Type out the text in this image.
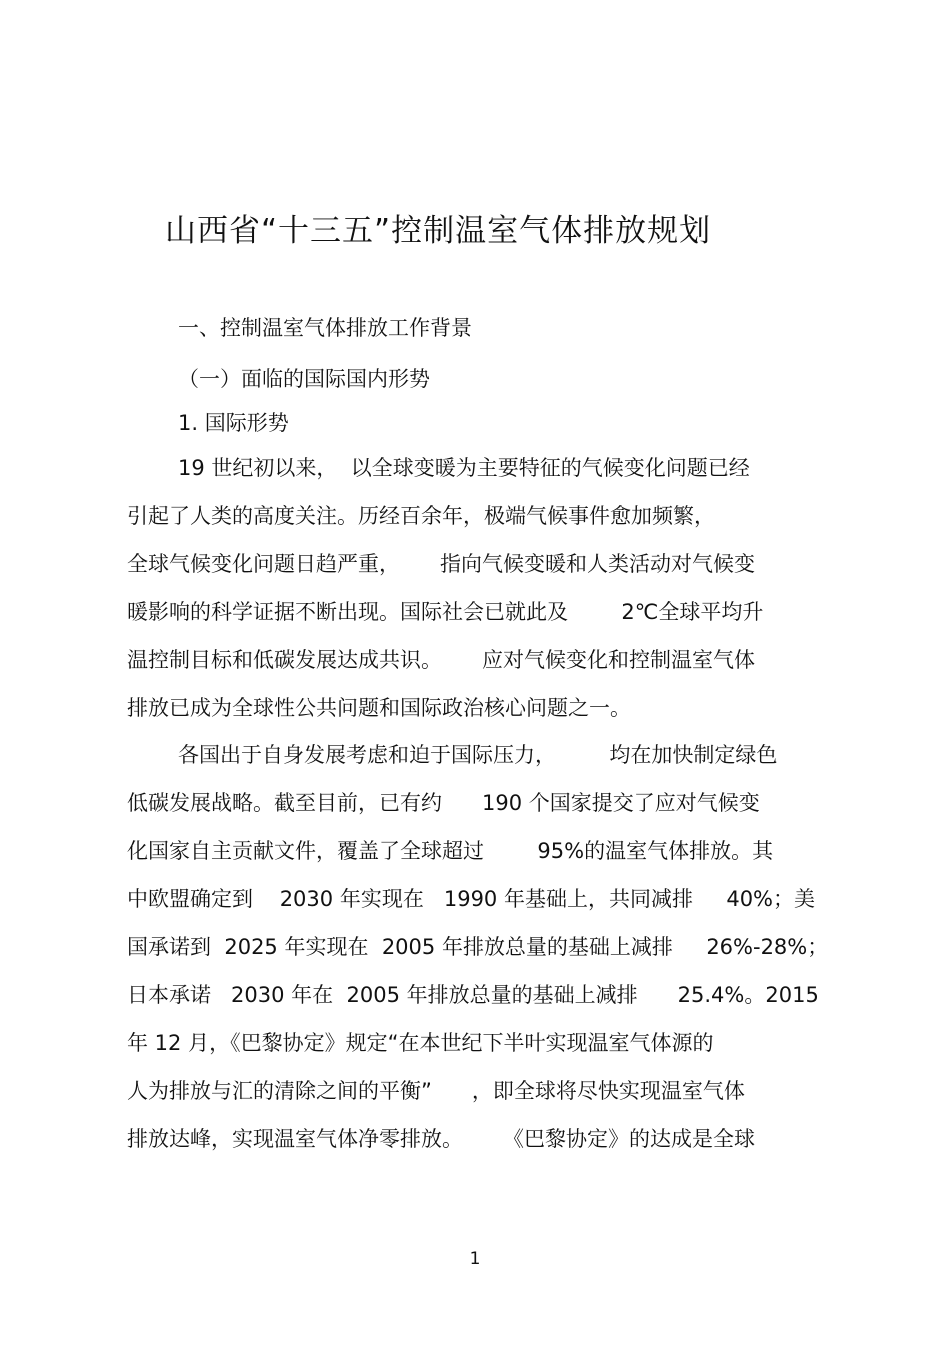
山西省“十三五”控制温室气体排放规划
一、控制温室气体排放工作背景
（一）面临的国际国内形势
1. 国际形势
19 世纪初以来，  以全球变暖为主要特征的气候变化问题已经
引起了人类的高度关注。历经百余年，极端气候事件愈加频繁，
全球气候变化问题日趋严重，      指向气候变暖和人类活动对气候变
暖影响的科学证据不断出现。国际社会已就此及        2℃全球平均升
温控制目标和低碳发展达成共识。      应对气候变化和控制温室气体
排放已成为全球性公共问题和国际政治核心问题之一。
各国出于自身发展考虑和迫于国际压力，        均在加快制定绿色
低碳发展战略。截至目前，已有约      190 个国家提交了应对气候变
化国家自主贡献文件，覆盖了全球超过        95%的温室气体排放。其
中欧盟确定到    2030 年实现在   1990 年基础上，共同减排     40%；美
国承诺到  2025 年实现在  2005 年排放总量的基础上减排     26%-28%；
日本承诺   2030 年在  2005 年排放总量的基础上减排      25.4%。2015
年 12 月，《巴黎协定》规定“在本世纪下半叶实现温室气体源的
人为排放与汇的清除之间的平衡”      ，即全球将尽快实现温室气体
排放达峰，实现温室气体净零排放。      《巴黎协定》的达成是全球
1
